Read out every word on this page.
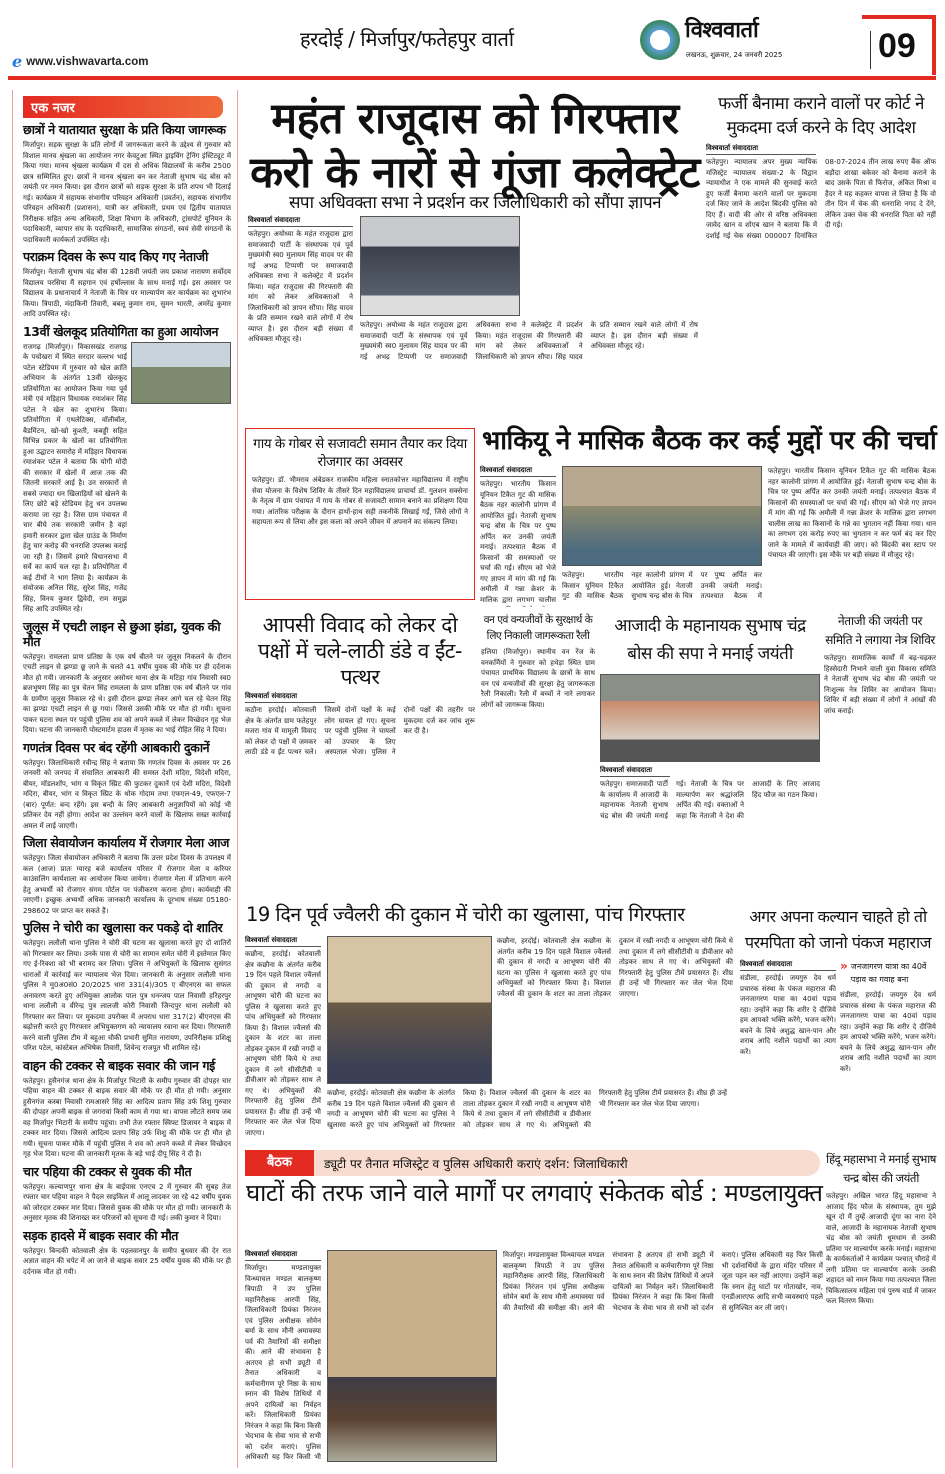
e www.vishwavarta.com
हरदोई / मिर्जापुर/फतेहपुर वार्ता	विश्ववार्ता
लखनऊ, शुक्रवार, 24 जनवरी 2025	09
एक नजर
छात्रों ने यातायात सुरक्षा के प्रति किया जागरूक
मिर्जापुर। सड़क सुरक्षा के प्रति लोगों में जागरूकता करने के उद्देश्य से गुरुवार को विशाल मानव श्रृंखला का आयोजन नगर केवटुआ स्थित ड्राइविंग ट्रेनिंग इंस्टिट्यूट में किया गया। मानव श्रृंखला कार्यक्रम में दस से अधिक विद्यालयों के करीब 2500 छात्र सम्मिलित हुए। छात्रों ने मानव श्रृंखला बन कर नेताजी सुभाष चंद्र बोस को जयंती पर नमन किया। इस दौरान छात्रों को सड़क सुरक्षा के प्रति शपथ भी दिलाई गई। कार्यक्रम में सहायक संभागीय परिवहन अधिकारी (प्रवर्तन), सहायक संभागीय परिवहन अधिकारी (प्रशासन), यात्री कर अधिकारी, प्रथम एवं द्वितीय यातायात निरीक्षक सहित अन्य अधिकारी, शिक्षा विभाग के अधिकारी, ट्रांसपोर्ट यूनियन के पदाधिकारी, व्यापार संघ के पदाधिकारी, सामाजिक संगठनों, स्वयं सेवी संगठनों के पदाधिकारी कार्यकर्ता उपस्थित रहे।
पराक्रम दिवस के रूप याद किए गए नेताजी
मिर्जापुर। नेताजी सुभाष चंद्र बोस की 128वीं जयंती जय प्रकाश नारायण सर्वोदय विद्यालय परसिया मैं सहगान एवं हर्षोल्लास के साथ मनाई गई। इस अवसर पर विद्यालय के प्रधानाचार्य ने नेताजी के चित्र पर माल्यार्पण कर कार्यक्रम का शुभारंभ किया। त्रिपाठी, मंदाकिनी तिवारी, बबलू कुमार राम, सुमन भारती, अमरेंद्र कुमार आदि उपस्थित रहे।
13वीं खेलकूद प्रतियोगिता का हुआ आयोजन
राजगढ़ (मिर्जापुर)। विकासखंड राजगढ़ के पचोखरा में स्थित सरदार वल्लभ भाई पटेल स्टेडियम में गुरुवार को खेल क्रांति अभियान के अंतर्गत 13वीं खेलकूद प्रतियोगिता का आयोजन किया गया पूर्व मंत्री एवं मड़िहान विधायक रमाशंकर सिंह पटेल ने खेल का शुभारंभ किया। प्रतियोगिता में एथलेटिक्स, वॉलीबॉल, बैडमिंटन, खो-खो कुश्ती, कबड्डी सहित विभिन्न प्रकार के खेलों का प्रतियोगिता हुआ उद्घाटन समारोह में मड़िहान विधायक रमाशंकर पटेल ने बताया कि योगी मोदी की सरकार में खेलों में आज तक की जितनी सरकारें आई है। उन सरकारों से सबसे ज्यादा धन खिलाड़ियों को खेलने के लिए छोटे बड़े स्टेडियम हेतु धन उपलब्ध कराया जा रहा है। जिस ग्राम पंचायत में चार बीघे तक सरकारी जमीन है वहां हमारी सरकार द्वारा खेल ग्राउंड के निर्माण हेतु चार करोड़ की धनराशि उपलब्ध कराई जा रही है। जिसमें हमारे विधानसभा में सर्वे का कार्य चल रहा है। प्रतियोगिता में कई टीमों ने भाग लिया है। कार्यक्रम के संयोजक अनिल सिंह, सुरेश सिंह, गजेंद्र सिंह, विनय कुमार द्विवेदी, राम समुझ सिंह आदि उपस्थित रहे।
जुलूस में एचटी लाइन से छुआ झंडा, युवक की मौत
फतेहपुर। रामलला प्राण प्रतिष्ठा के एक वर्ष बीतने पर जुलूस निकलने के दौरान एचटी लाइन से झण्डा छू जाने के चलते 41 वर्षीय युवक की मौके पर ही दर्दनाक मौत हो गयी। जानकारी के अनुसार असोथर थाना क्षेत्र के मटिहा गांव निवासी स्व0 ब्रजभूषण सिंह का पुत्र चेतन सिंह रामलला के प्राण प्रतिष्ठा एक वर्ष बीतने पर गांव के ग्रामीण जुलूस निकाल रहे थे। इसी दौरान झण्डा लेकर आगे चल रहे चेतन सिंह का झण्डा एचटी लाइन से छू गया। जिससे उसकी मौके पर मौत हो गयी। सूचना पाकर घटना स्थल पर पहुंची पुलिस शव को अपने कब्जे में लेकर विच्छेदन गृह भेज दिया। घटना की जानकारी पोस्टमार्टम हाउस में मृतक का भाई रोहित सिंह ने दिया।
गणतंत्र दिवस पर बंद रहेंगी आबकारी दुकानें
फतेहपुर। जिलाधिकारी रवीन्द्र सिंह ने बताया कि गणतंत्र दिवस के अवसर पर 26 जनवरी को जनपद में संचालित आबकारी की समस्त देशी मदिरा, विदेशी मदिरा, बीयर, मॉडलशॉप, भांग व विकृत स्प्रिट की फुटकर दुकानें एवं देशी मदिरा, विदेशी मदिरा, बीयर, भांग व विकृत स्प्रिट के थोक गोदाम तथा एफएल-49, एफएल-7 (बार) पूर्णत: बन्द रहेंगे। इस बन्दी के लिए आबकारी अनुज्ञापियों को कोई भी प्रतिकर देय नहीं होगा। आदेश का उल्लंघन करने वालों के खिलाफ सख्त कार्रवाई अमल में लाई जाएगी।
जिला सेवायोजन कार्यालय में रोजगार मेला आज
फतेहपुर। जिला सेवायोजन अधिकारी ने बताया कि उत्तर प्रदेश दिवस के उपलक्ष्य में कल (आज) प्रातः ग्यारह बजे कार्यालय परिसर में रोजगार मेला व करियर काउंसलिंग कार्यशाला का आयोजन किया जायेगा। रोजगार मेला में प्रतिभाग करने हेतु अभ्यर्थी को रोजगार संगम पोर्टल पर पंजीकरण कराना होगा। कार्यवाही की जाएगी। इच्छुक अभ्यर्थी अधिक जानकारी कार्यालय के दूरभाष संख्या 05180-298602 पर प्राप्त कर सकते हैं।
पुलिस ने चोरी का खुलासा कर पकड़े दो शातिर
फतेहपुर। ललौली थाना पुलिस ने चोरी की घटना का खुलासा करते हुए दो शातिरों को गिरफ्तार कर लिया। उनके पास से चोरी का सामान समेत चोरी में इस्तेमाल किए गए ई-रिक्शा को भी बरामद कर लिया। पुलिस ने अभियुक्तों के खिलाफ सुसंगत धाराओं में कार्रवाई कर न्यायालय भेज दिया। जानकारी के अनुसार ललौली थाना पुलिस ने मु0अ0सं0 20/2025 धारा 331(4)/305 ए बीएनएस का सफल अनावरण करते हुए अभियुक्त आलोक पाल पुत्र धनन्जय पाल निवासी हरिहरपुर थाना ललौली व वीरेन्द्र पुत्र लालजी कोरी निवासी जिन्दपुर थाना ललौली को गिरफ्तार कर लिया। पर मुकदमा उपरोक्त में अपराध धारा 317(2) बीएनएस की बढ़ोत्तरी करते हुए गिरफ्तार अभियुक्तगण को न्यायालय रवाना कर दिया। गिरफ्तारी करने वाली पुलिस टीम में बहुआ चौकी प्रभारी सुमित नारायण, उपनिरीक्षक प्रशिक्षु परिश पटेल, कांस्टेबल अभिषेक तिवारी, शिवेन्द राजपूत भी शामिल रहे।
वाहन की टक्कर से बाइक सवार की जान गई
फतेहपुर। हुसैनगंज थाना क्षेत्र के मिर्जापुर भिटारी के समीप गुरुवार की दोपहर चार पहिया वाहन की टक्कर से बाइक सवार की मौके पर ही मौत हो गयी। अनुसार हुसैनगंज कस्बा निवासी रामआसरे सिंह का आदित्य प्रताप सिंह उर्फ शिशु गुरुवार की दोपहर अपनी बाइक से जगरावां किसी काम से गया था। वापस लौटते समय जब वह मिर्जापुर भिटारी के समीप पहुंचा। तभी तेज रफ्तार स्विफ्ट डिजायर ने बाइक में टक्कर मार दिया। जिससे आदित्य प्रताप सिंह उर्फ शिशु की मौके पर ही मौत हो गयी। सूचना पाकर मौके में पहुंची पुलिस ने शव को अपने कब्जे में लेकर विच्छेदन गृह भेज दिया। घटना की जानकारी मृतक के बड़े भाई दीपू सिंह ने दी है।
चार पहिया की टक्कर से युवक की मौत
फतेहपुर। कल्याणपुर थाना क्षेत्र के बाईपास एनएच 2 में गुरुवार की सुबह तेज रफ्तार चार पहिया वाहन ने पैदल साइकिल में आलू लादकर जा रहे 42 वर्षीय युवक को जोरदार टक्कर मार दिया। जिससे युवक की मौके पर मौत हो गयी। जानकारी के अनुसार मृतक की शिनाख्त कर परिजनों को सूचना दी गई। लकी कुमार ने दिया।
सड़क हादसे में बाइक सवार की मौत
फतेहपुर। बिन्दकी कोतवाली क्षेत्र के पहलवानपुर के समीप बुधवार की देर रात अज्ञात वाहन की चपेट में आ जाने से बाइक सवार 25 वर्षीय युवक की मौके पर ही दर्दनाक मौत हो गयी।
महंत राजूदास को गिरफ्तार करो के नारों से गूंजा कलेक्ट्रेट
सपा अधिवक्ता सभा ने प्रदर्शन कर जिलाधिकारी को सौंपा ज्ञापन
विश्ववार्ता संवाददाता
फतेहपुर। अयोध्या के महंत राजूदास द्वारा समाजवादी पार्टी के संस्थापक एवं पूर्व मुख्यमंत्री स्व0 मुलायम सिंह यादव पर की गई अभद्र टिप्पणी पर समाजवादी अधिवक्ता सभा ने कलेक्ट्रेट में प्रदर्शन किया। महंत राजूदास की गिरफ्तारी की मांग को लेकर अधिवक्ताओं ने जिलाधिकारी को ज्ञापन सौंपा। सिंह यादव के प्रति सम्मान रखने वाले लोगों में रोष व्याप्त है। इस दौरान बड़ी संख्या में अधिवक्ता मौजूद रहे।
फतेहपुर। अयोध्या के महंत राजूदास द्वारा समाजवादी पार्टी के संस्थापक एवं पूर्व मुख्यमंत्री स्व0 मुलायम सिंह यादव पर की गई अभद्र टिप्पणी पर समाजवादी अधिवक्ता सभा ने कलेक्ट्रेट में प्रदर्शन किया। महंत राजूदास की गिरफ्तारी की मांग को लेकर अधिवक्ताओं ने जिलाधिकारी को ज्ञापन सौंपा। सिंह यादव के प्रति सम्मान रखने वाले लोगों में रोष व्याप्त है। इस दौरान बड़ी संख्या में अधिवक्ता मौजूद रहे।
फर्जी बैनामा कराने वालों पर कोर्ट ने मुकदमा दर्ज करने के दिए आदेश
विश्ववार्ता संवाददाता
फतेहपुर। न्यायालय अपर मुख्य न्यायिक मजिस्ट्रेट न्यायालय संख्या-2 के विद्वान न्यायाधीश ने एक मामले की सुनवाई करते हुए फर्जी बैनामा कराने वालों पर मुकदमा दर्ज किए जाने के आदेश बिंदकी पुलिस को दिए हैं। वादी की ओर से वरिष्ठ अधिवक्ता जावेद खान व शोएब खान ने बताया कि में दर्शाई गई चेक संख्या 000007 दिनांकित 08-07-2024 तीन लाख रुपए बैंक ऑफ बड़ौदा शाखा बकेवर को बैनामा कराने के बाद उसके पिता से फिरोज, अंकित मिश्रा व हैदर ने यह कहकर वापस ले लिया है कि वो तीन दिन में चेक की धनराशि नगद दे देंगे, लेकिन उक्त चेक की धनराशि पिता को नहीं दी गई।
गाय के गोबर से सजावटी समान तैयार कर दिया रोजगार का अवसर
फतेहपुर। डॉ. भीमराव अंबेडकर राजकीय महिला स्नातकोत्तर महाविद्यालय में राष्ट्रीय सेवा योजना के विशेष शिविर के तीसरे दिन महाविद्यालय प्राचार्या डॉ. गुलशन सक्सेना के नेतृत्व में ग्राम पंचायत में गाय के गोबर से सजावटी सामान बनाने का प्रशिक्षण दिया गया। आंतरिक परीक्षक के दौरान हाथों-हाथ सही तकनीकें सिखाई गईं, जिसे लोगों ने सहायता रूप से लिया और इस कला को अपने जीवन में अपनाने का संकल्प लिया।
भाकियू ने मासिक बैठक कर कई मुद्दों पर की चर्चा
विश्ववार्ता संवाददाता
फतेहपुर। भारतीय किसान यूनियन टिकैत गुट की मासिक बैठक नहर कालोनी प्रांगण में आयोजित हुई। नेताजी सुभाष चन्द्र बोस के चित्र पर पुष्प अर्पित कर उनकी जयंती मनाई। तत्पश्चात बैठक में किसानों की समस्याओं पर चर्चा की गई। सीएम को भेजे गए ज्ञापन में मांग की गई कि अमौली में गन्ना क्रेशर के मालिक द्वारा लगभग चालीस
फतेहपुर। भारतीय किसान यूनियन टिकैत गुट की मासिक बैठक नहर कालोनी प्रांगण में आयोजित हुई। नेताजी सुभाष चन्द्र बोस के चित्र पर पुष्प अर्पित कर उनकी जयंती मनाई। तत्पश्चात बैठक में
फतेहपुर। भारतीय किसान यूनियन टिकैत गुट की मासिक बैठक नहर कालोनी प्रांगण में आयोजित हुई। नेताजी सुभाष चन्द्र बोस के चित्र पर पुष्प अर्पित कर उनकी जयंती मनाई। तत्पश्चात बैठक में किसानों की समस्याओं पर चर्चा की गई। सीएम को भेजे गए ज्ञापन में मांग की गई कि अमौली में गन्ना क्रेशर के मालिक द्वारा लगभग चालीस लाख का किसानों के गन्ने का भुगतान नहीं किया गया। धान का लगभग दस करोड़ रुपए का भुगतान न कर फर्म बंद कर दिए जाने के मामले में कार्यवाही की जाए। को बिंदकी बस स्टाप पर पंचायत की जाएगी। इस मौके पर बड़ी संख्या में मौजूद रहे।
आपसी विवाद को लेकर दो पक्षों में चले-लाठी डंडे व ईंट-पत्थर
विश्ववार्ता संवाददाता
कठौना हरदोई। कोतवाली क्षेत्र के अंतर्गत ग्राम फतेहपुर मजरा गांव में मामूली विवाद को लेकर दो पक्षों में जमकर लाठी डंडे व ईंट पत्थर चले। जिसमें दोनों पक्षों के कई लोग घायल हो गए। सूचना पर पहुंची पुलिस ने घायलों को उपचार के लिए अस्पताल भेजा। पुलिस ने दोनों पक्षों की तहरीर पर मुकदमा दर्ज कर जांच शुरू कर दी है।
वन एवं वन्यजीवों के सुरक्षार्थ के लिए निकाली जागरूकता रैली
हलिया (मिर्जापुर)। स्थानीय वन रेंज के वनकर्मियों ने गुरुवार को हथेड़ा स्थित ग्राम पंचायत प्राथमिक विद्यालय के छात्रों के साथ वन एवं वन्यजीवों की सुरक्षा हेतु जागरूकता रैली निकाली। रैली में बच्चों ने नारे लगाकर लोगों को जागरूक किया।
आजादी के महानायक सुभाष चंद्र बोस की सपा ने मनाई जयंती
विश्ववार्ता संवाददाता
फतेहपुर। समाजवादी पार्टी के कार्यालय में आजादी के महानायक नेताजी सुभाष चंद्र बोस की जयंती मनाई गई। नेताजी के चित्र पर माल्यार्पण कर श्रद्धांजलि अर्पित की गई। वक्ताओं ने कहा कि नेताजी ने देश की आजादी के लिए आजाद हिंद फौज का गठन किया।
नेताजी की जयंती पर समिति ने लगाया नेत्र शिविर
फतेहपुर। सामाजिक कार्यों में बढ़-चढ़कर हिस्सेदारी निभाने वाली युवा विकास समिति ने नेताजी सुभाष चंद्र बोस की जयंती पर निःशुल्क नेत्र शिविर का आयोजन किया। शिविर में बड़ी संख्या में लोगों ने आंखों की जांच कराई।
19 दिन पूर्व ज्वैलरी की दुकान में चोरी का खुलासा, पांच गिरफ्तार
विश्ववार्ता संवाददाता
कछौना, हरदोई। कोतवाली क्षेत्र कछौना के अंतर्गत करीब 19 दिन पहले विशाल ज्वैलर्स की दुकान से नगदी व आभूषण चोरी की घटना का पुलिस ने खुलासा करते हुए पांच अभियुक्तों को गिरफ्तार किया है। विशाल ज्वैलर्स की दुकान के शटर का ताला तोड़कर दुकान में रखी नगदी व आभूषण चोरी किये थे तथा दुकान में लगे सीसीटीवी व डीवीआर को तोड़कर साथ ले गए थे। अभियुक्तों की गिरफ्तारी हेतु पुलिस टीमें प्रयासरत हैं। शीघ्र ही उन्हें भी गिरफ्तार कर जेल भेज दिया जाएगा।
कछौना, हरदोई। कोतवाली क्षेत्र कछौना के अंतर्गत करीब 19 दिन पहले विशाल ज्वैलर्स की दुकान से नगदी व आभूषण चोरी की घटना का पुलिस ने खुलासा करते हुए पांच अभियुक्तों को गिरफ्तार किया है। विशाल ज्वैलर्स की दुकान के शटर का ताला तोड़कर दुकान में रखी नगदी व आभूषण चोरी किये थे तथा दुकान में लगे सीसीटीवी व डीवीआर को तोड़कर साथ ले गए थे। अभियुक्तों की गिरफ्तारी हेतु पुलिस टीमें प्रयासरत हैं। शीघ्र ही उन्हें भी गिरफ्तार कर जेल भेज दिया जाएगा।
कछौना, हरदोई। कोतवाली क्षेत्र कछौना के अंतर्गत करीब 19 दिन पहले विशाल ज्वैलर्स की दुकान से नगदी व आभूषण चोरी की घटना का पुलिस ने खुलासा करते हुए पांच अभियुक्तों को गिरफ्तार किया है। विशाल ज्वैलर्स की दुकान के शटर का ताला तोड़कर दुकान में रखी नगदी व आभूषण चोरी किये थे तथा दुकान में लगे सीसीटीवी व डीवीआर को तोड़कर साथ ले गए थे। अभियुक्तों की गिरफ्तारी हेतु पुलिस टीमें प्रयासरत हैं। शीघ्र ही उन्हें भी गिरफ्तार कर जेल भेज दिया जाएगा।
अगर अपना कल्यान चाहते हो तो परमपिता को जानो पंकज महाराज
विश्ववार्ता संवाददाता
संडीला, हरदोई। जयगुरु देव धर्म प्रचारक संस्था के पंकज महाराज की जनजागरण यात्रा का 40वां पड़ाव रहा। उन्होंने कहा कि शरीर दे दीजिये हम आपको भक्ति करेंगे, भजन करेंगे। बचने के लिये अशुद्ध खान-पान और शराब आदि नशीले पदार्थों का त्याग करें।
» जनजागरण यात्रा का 40वें पड़ाव का गवाह बना
संडीला, हरदोई। जयगुरु देव धर्म प्रचारक संस्था के पंकज महाराज की जनजागरण यात्रा का 40वां पड़ाव रहा। उन्होंने कहा कि शरीर दे दीजिये हम आपको भक्ति करेंगे, भजन करेंगे। बचने के लिये अशुद्ध खान-पान और शराब आदि नशीले पदार्थों का त्याग करें।
बैठक	ड्यूटी पर तैनात मजिस्ट्रेट व पुलिस अधिकारी कराएं दर्शन: जिलाधिकारी
घाटों की तरफ जाने वाले मार्गों पर लगवाएं संकेतक बोर्ड : मण्डलायुक्त
विश्ववार्ता संवाददाता
मिर्जापुर। मण्डलायुक्त विन्ध्याचल मण्डल बालकृष्ण त्रिपाठी ने उप पुलिस महानिरीक्षक आरपी सिंह, जिलाधिकारी प्रियंका निरंजन एवं पुलिस अधीक्षक सोमेन बर्मा के साथ मौनी अमावस्या पर्व की तैयारियों की समीक्षा की। आने की संभावना है अतएव हो सभी ड्यूटी में तैनात अधिकारी व कर्मचारीगण पूरे निष्ठा के साथ स्नान की विशेष तिथियों में अपने दायित्वों का निर्वहन करें। जिलाधिकारी प्रियंका निरंजन ने कहा कि बिना किसी भेदभाव के सेवा भाव से सभी को दर्शन कराएं। पुलिस अधिकारी यह फिर किसी भी
मिर्जापुर। मण्डलायुक्त विन्ध्याचल मण्डल बालकृष्ण त्रिपाठी ने उप पुलिस महानिरीक्षक आरपी सिंह, जिलाधिकारी प्रियंका निरंजन एवं पुलिस अधीक्षक सोमेन बर्मा के साथ मौनी अमावस्या पर्व की तैयारियों की समीक्षा की। आने की संभावना है अतएव हो सभी ड्यूटी में तैनात अधिकारी व कर्मचारीगण पूरे निष्ठा के साथ स्नान की विशेष तिथियों में अपने दायित्वों का निर्वहन करें। जिलाधिकारी प्रियंका निरंजन ने कहा कि बिना किसी भेदभाव के सेवा भाव से सभी को दर्शन कराएं। पुलिस अधिकारी यह फिर किसी भी दर्शनार्थियों के द्वारा मंदिर परिसर में जूता पहन कर नहीं आएगा। उन्होंने कहा कि स्नान हेतु घाटों पर गोताखोर, नाव, एनडीआरएफ आदि सभी व्यवस्थाएं पहले से सुनिश्चित कर ली जाएं।
हिंदू महासभा ने मनाई सुभाष चन्द्र बोस की जयंती
फतेहपुर। अखिल भारत हिंदू महासभा ने आजाद हिंद फौज के संस्थापक, तुम मुझे खून दो मैं तुम्हें आजादी दूंगा का नारा देने वाले, आजादी के महानायक नेताजी सुभाष चंद्र बोस को जयंती धूमधाम से उनकी प्रतिमा पर माल्यार्पण करके मनाई। महासभा के कार्यकर्ताओं ने कार्यक्रम पश्चात् चौराहे में लगी प्रतिमा पर माल्यार्पण करके उनकी शहादत को नमन किया गया तत्पश्चात जिला चिकित्सालय महिला एवं पुरुष वार्ड में जाकर फल वितरण किया।
